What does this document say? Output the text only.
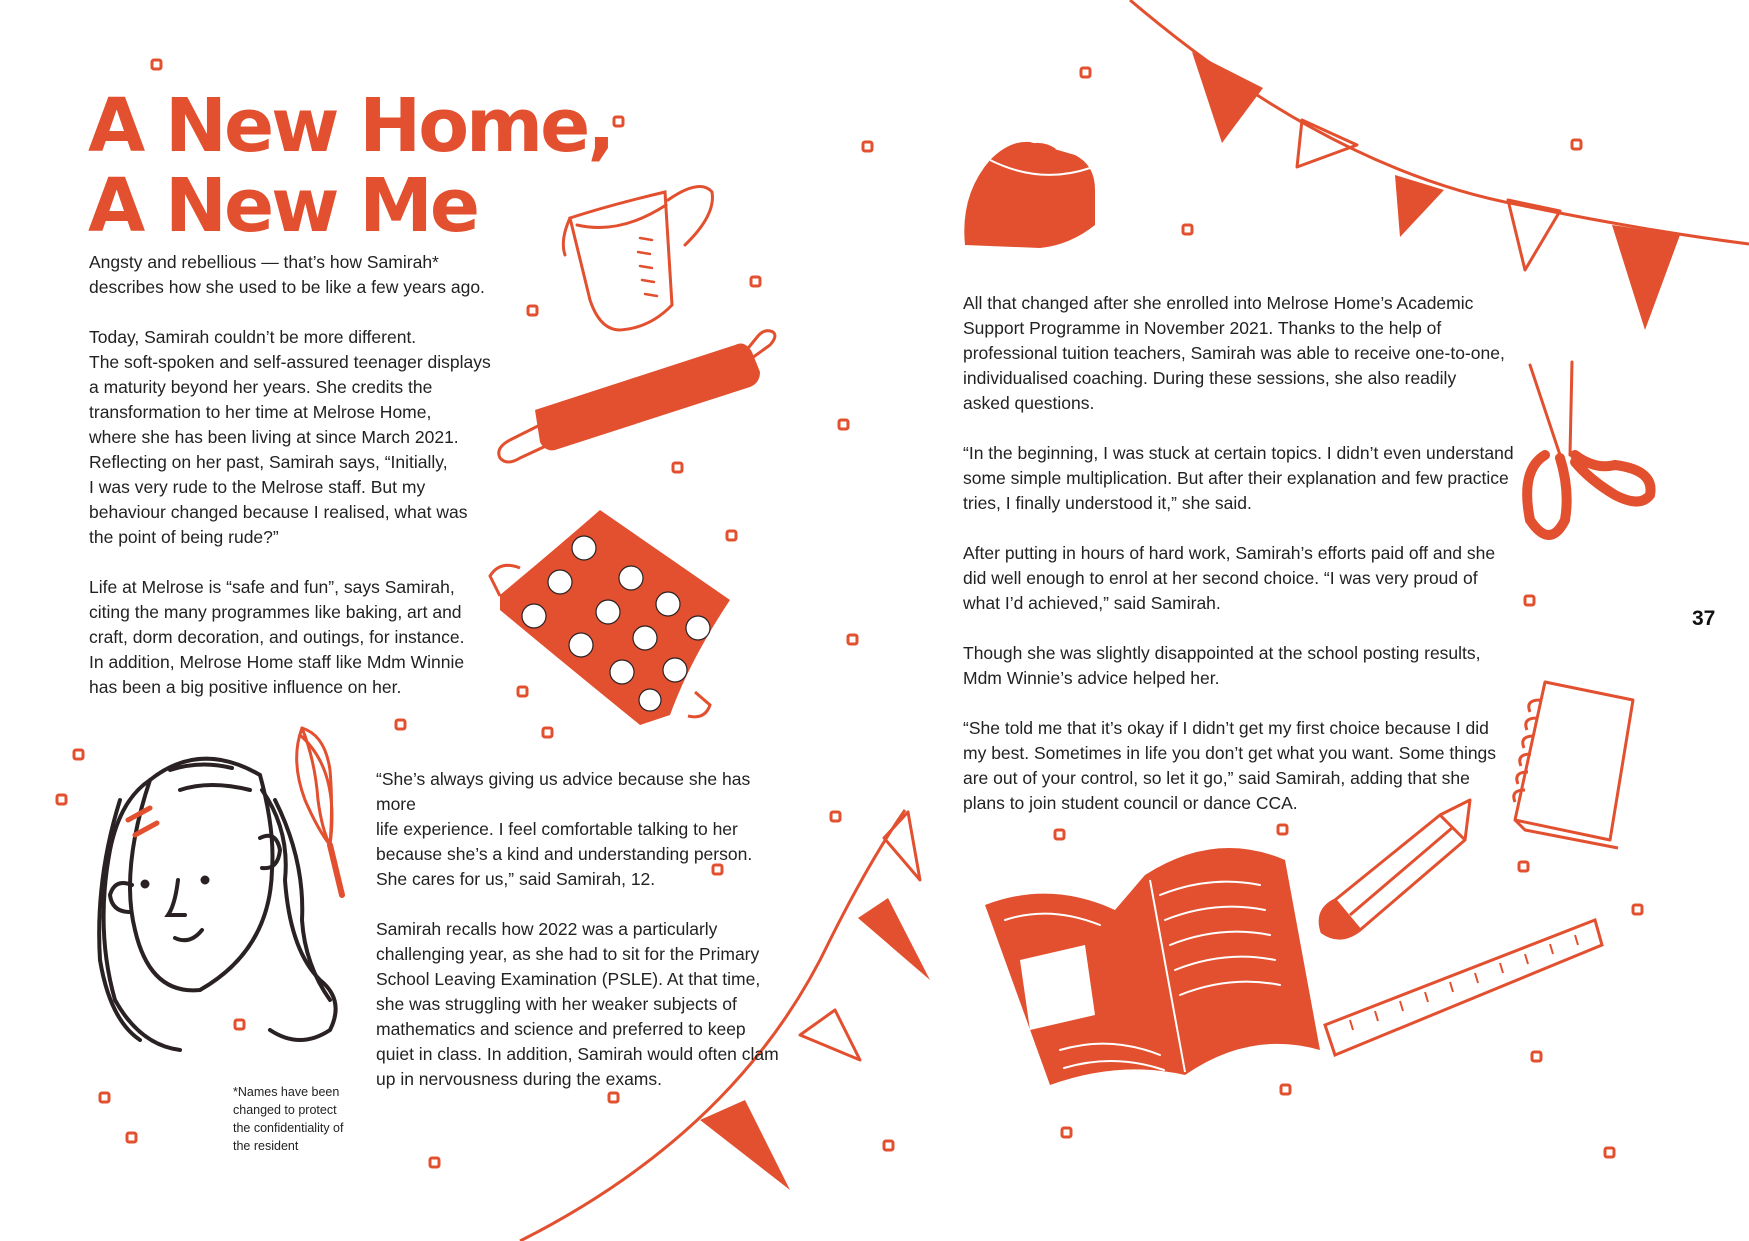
A New Home,
A New Me

Angsty and rebellious — that’s how Samirah*
describes how she used to be like a few years ago.

Today, Samirah couldn’t be more different.
The soft-spoken and self-assured teenager displays
a maturity beyond her years. She credits the
transformation to her time at Melrose Home,
where she has been living at since March 2021.
Reflecting on her past, Samirah says, “Initially,
I was very rude to the Melrose staff. But my
behaviour changed because I realised, what was
the point of being rude?”

Life at Melrose is “safe and fun”, says Samirah,
citing the many programmes like baking, art and
craft, dorm decoration, and outings, for instance.
In addition, Melrose Home staff like Mdm Winnie
has been a big positive influence on her.

“She’s always giving us advice because she has more
life experience. I feel comfortable talking to her
because she’s a kind and understanding person.
She cares for us,” said Samirah, 12.

Samirah recalls how 2022 was a particularly
challenging year, as she had to sit for the Primary
School Leaving Examination (PSLE). At that time,
she was struggling with her weaker subjects of
mathematics and science and preferred to keep
quiet in class. In addition, Samirah would often clam
up in nervousness during the exams.

All that changed after she enrolled into Melrose Home’s Academic
Support Programme in November 2021. Thanks to the help of
professional tuition teachers, Samirah was able to receive one-to-one,
individualised coaching. During these sessions, she also readily
asked questions.

“In the beginning, I was stuck at certain topics. I didn’t even understand
some simple multiplication. But after their explanation and few practice
tries, I finally understood it,” she said.

After putting in hours of hard work, Samirah’s efforts paid off and she
did well enough to enrol at her second choice. “I was very proud of
what I’d achieved,” said Samirah.

Though she was slightly disappointed at the school posting results,
Mdm Winnie’s advice helped her.

“She told me that it’s okay if I didn’t get my first choice because I did
my best. Sometimes in life you don’t get what you want. Some things
are out of your control, so let it go,” said Samirah, adding that she
plans to join student council or dance CCA.

*Names have been
changed to protect
the confidentiality of
the resident
37
